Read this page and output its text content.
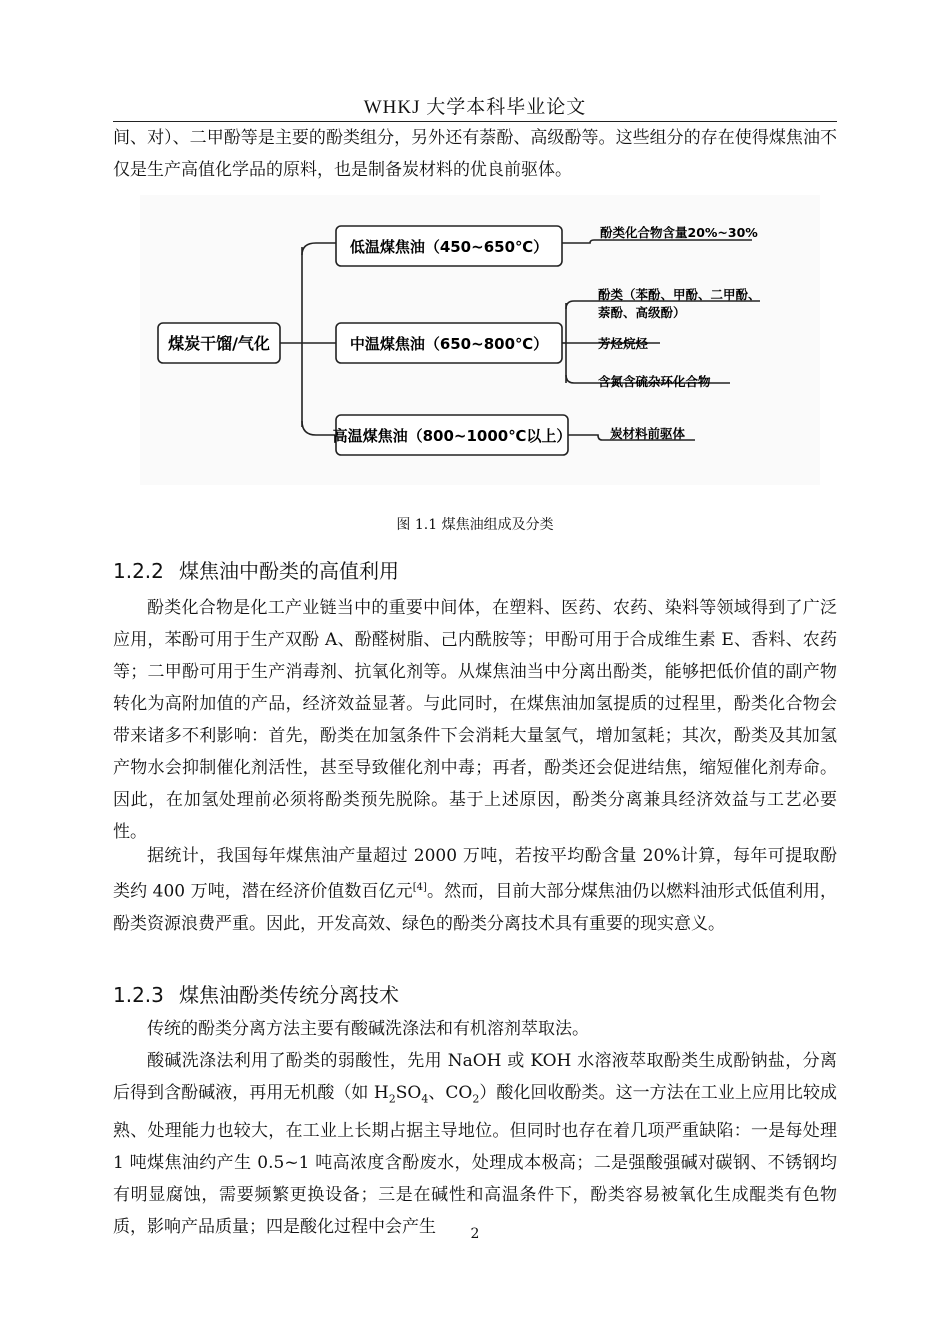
WHKJ 大学本科毕业论文
间、对）、二甲酚等是主要的酚类组分，另外还有萘酚、高级酚等。这些组分的存在使得煤焦油不仅是生产高值化学品的原料，也是制备炭材料的优良前驱体。
煤炭干馏/气化
低温煤焦油（450~650℃）
中温煤焦油（650~800℃）
高温煤焦油（800~1000℃以上）
酚类化合物含量20%~30%
酚类（苯酚、甲酚、二甲酚、
萘酚、高级酚）
芳烃烷烃
含氮含硫杂环化合物
炭材料前驱体
图 1.1 煤焦油组成及分类
1.2.2 煤焦油中酚类的高值利用
酚类化合物是化工产业链当中的重要中间体，在塑料、医药、农药、染料等领域得到了广泛应用，苯酚可用于生产双酚 A、酚醛树脂、己内酰胺等；甲酚可用于合成维生素 E、香料、农药等；二甲酚可用于生产消毒剂、抗氧化剂等。从煤焦油当中分离出酚类，能够把低价值的副产物转化为高附加值的产品，经济效益显著。与此同时，在煤焦油加氢提质的过程里，酚类化合物会带来诸多不利影响：首先，酚类在加氢条件下会消耗大量氢气，增加氢耗；其次，酚类及其加氢产物水会抑制催化剂活性，甚至导致催化剂中毒；再者，酚类还会促进结焦，缩短催化剂寿命。因此，在加氢处理前必须将酚类预先脱除。基于上述原因，酚类分离兼具经济效益与工艺必要性。
据统计，我国每年煤焦油产量超过 2000 万吨，若按平均酚含量 20%计算，每年可提取酚类约 400 万吨，潜在经济价值数百亿元[4]。然而，目前大部分煤焦油仍以燃料油形式低值利用，酚类资源浪费严重。因此，开发高效、绿色的酚类分离技术具有重要的现实意义。
1.2.3 煤焦油酚类传统分离技术
传统的酚类分离方法主要有酸碱洗涤法和有机溶剂萃取法。
酸碱洗涤法利用了酚类的弱酸性，先用 NaOH 或 KOH 水溶液萃取酚类生成酚钠盐，分离后得到含酚碱液，再用无机酸（如 $H_2SO_4$、$CO_2$）酸化回收酚类。这一方法在工业上应用比较成熟、处理能力也较大，在工业上长期占据主导地位。但同时也存在着几项严重缺陷：一是每处理 1 吨煤焦油约产生 0.5~1 吨高浓度含酚废水，处理成本极高；二是强酸强碱对碳钢、不锈钢均有明显腐蚀，需要频繁更换设备；三是在碱性和高温条件下，酚类容易被氧化生成醌类有色物质，影响产品质量；四是酸化过程中会产生	2
